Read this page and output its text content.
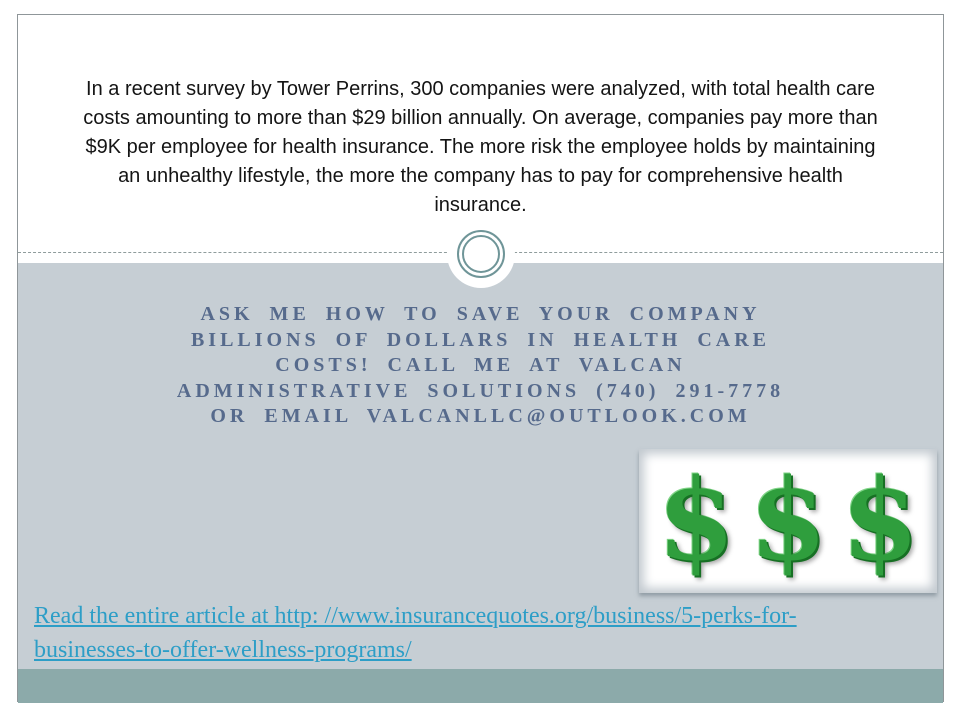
In a recent survey by Tower Perrins, 300 companies were analyzed, with total health care costs amounting to more than $29 billion annually. On average, companies pay more than $9K per employee for health insurance. The more risk the employee holds by maintaining an unhealthy lifestyle, the more the company has to pay for comprehensive health insurance.
ASK ME HOW TO SAVE YOUR COMPANY
BILLIONS OF DOLLARS IN HEALTH CARE
COSTS! CALL ME AT VALCAN
ADMINISTRATIVE SOLUTIONS (740) 291-7778
OR EMAIL VALCANLLC@OUTLOOK.COM
$ $ $
Read the entire article at http: //www.insurancequotes.org/business/5-perks-for-
businesses-to-offer-wellness-programs/
